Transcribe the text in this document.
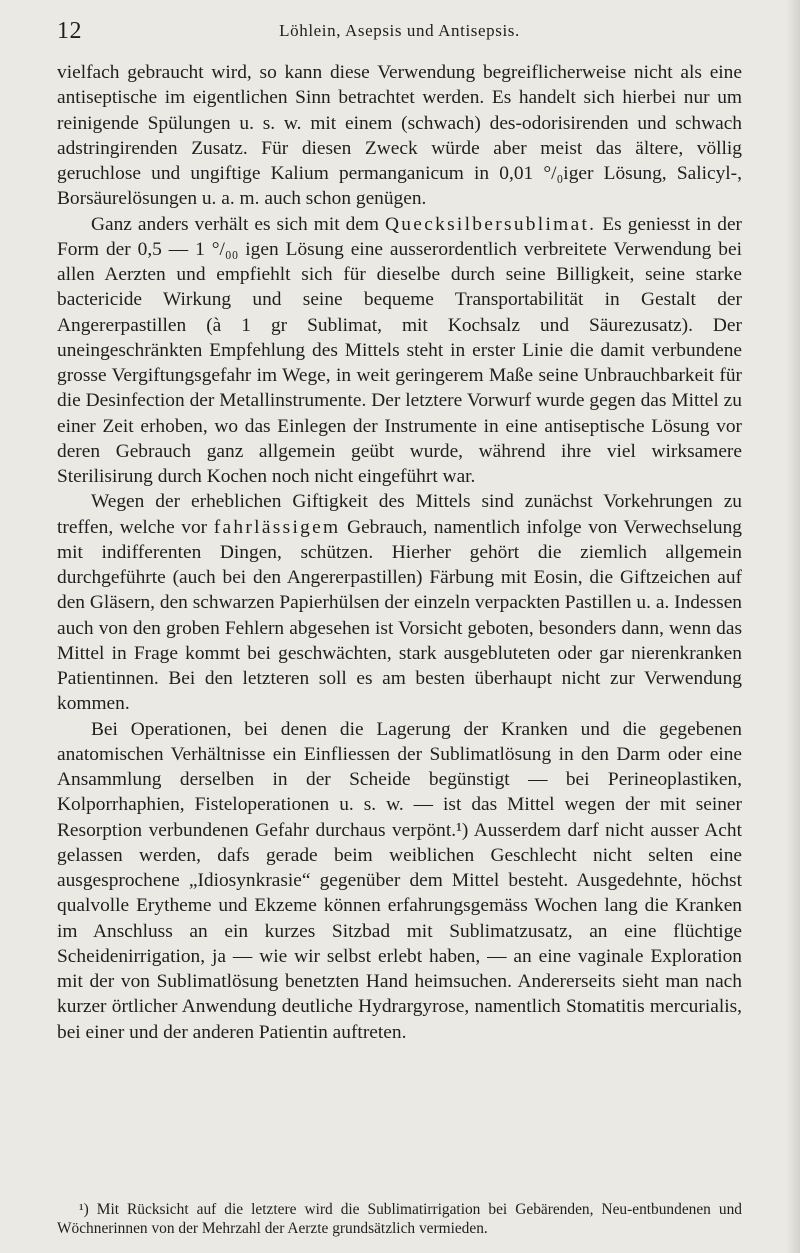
12	Löhlein, Asepsis und Antisepsis.

vielfach gebraucht wird, so kann diese Verwendung begreiflicherweise nicht als eine antiseptische im eigentlichen Sinn betrachtet werden. Es handelt sich hierbei nur um reinigende Spülungen u. s. w. mit einem (schwach) des-odorisirenden und schwach adstringirenden Zusatz. Für diesen Zweck würde aber meist das ältere, völlig geruchlose und ungiftige Kalium permanganicum in 0,01 °/₀iger Lösung, Salicyl-, Borsäurelösungen u. a. m. auch schon genügen.

Ganz anders verhält es sich mit dem Quecksilbersublimat. Es geniesst in der Form der 0,5 — 1 °/₀₀ igen Lösung eine ausserordentlich verbreitete Verwendung bei allen Aerzten und empfiehlt sich für dieselbe durch seine Billigkeit, seine starke bactericide Wirkung und seine bequeme Transportabilität in Gestalt der Angererpastillen (à 1 gr Sublimat, mit Kochsalz und Säurezusatz). Der uneingeschränkten Empfehlung des Mittels steht in erster Linie die damit verbundene grosse Vergiftungsgefahr im Wege, in weit geringerem Maße seine Unbrauchbarkeit für die Desinfection der Metallinstrumente. Der letztere Vorwurf wurde gegen das Mittel zu einer Zeit erhoben, wo das Einlegen der Instrumente in eine antiseptische Lösung vor deren Gebrauch ganz allgemein geübt wurde, während ihre viel wirksamere Sterilisirung durch Kochen noch nicht eingeführt war.

Wegen der erheblichen Giftigkeit des Mittels sind zunächst Vorkehrungen zu treffen, welche vor fahrlässigem Gebrauch, namentlich infolge von Verwechselung mit indifferenten Dingen, schützen. Hierher gehört die ziemlich allgemein durchgeführte (auch bei den Angererpastillen) Färbung mit Eosin, die Giftzeichen auf den Gläsern, den schwarzen Papierhülsen der einzeln verpackten Pastillen u. a. Indessen auch von den groben Fehlern abgesehen ist Vorsicht geboten, besonders dann, wenn das Mittel in Frage kommt bei geschwächten, stark ausgebluteten oder gar nierenkranken Patientinnen. Bei den letzteren soll es am besten überhaupt nicht zur Verwendung kommen.

Bei Operationen, bei denen die Lagerung der Kranken und die gegebenen anatomischen Verhältnisse ein Einfliessen der Sublimatlösung in den Darm oder eine Ansammlung derselben in der Scheide begünstigt — bei Perineoplastiken, Kolporrhaphien, Fisteloperationen u. s. w. — ist das Mittel wegen der mit seiner Resorption verbundenen Gefahr durchaus verpönt.¹) Ausserdem darf nicht ausser Acht gelassen werden, dafs gerade beim weiblichen Geschlecht nicht selten eine ausgesprochene „Idiosynkrasie“ gegenüber dem Mittel besteht. Ausgedehnte, höchst qualvolle Erytheme und Ekzeme können erfahrungsgemäss Wochen lang die Kranken im Anschluss an ein kurzes Sitzbad mit Sublimatzusatz, an eine flüchtige Scheidenirrigation, ja — wie wir selbst erlebt haben, — an eine vaginale Exploration mit der von Sublimatlösung benetzten Hand heimsuchen. Andererseits sieht man nach kurzer örtlicher Anwendung deutliche Hydrargyrose, namentlich Stomatitis mercurialis, bei einer und der anderen Patientin auftreten.

¹) Mit Rücksicht auf die letztere wird die Sublimatirrigation bei Gebärenden, Neu-entbundenen und Wöchnerinnen von der Mehrzahl der Aerzte grundsätzlich vermieden.
